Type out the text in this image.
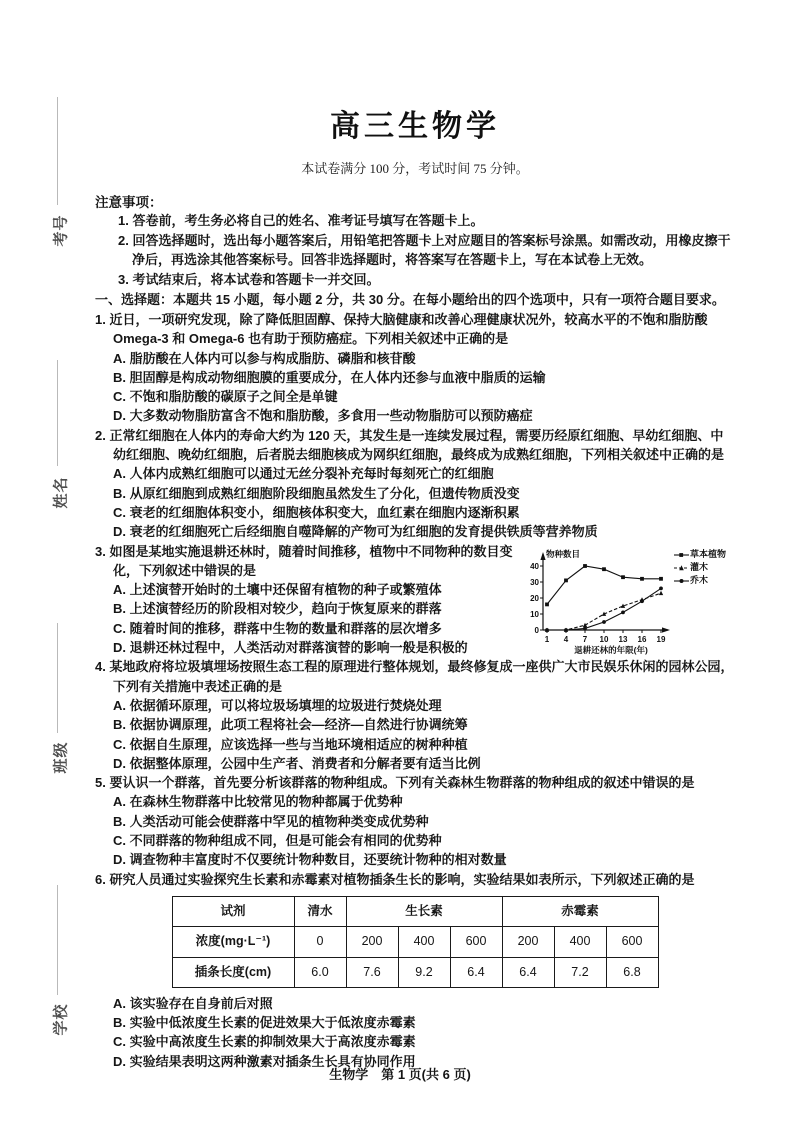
考号
姓名
班级
学校
高三生物学
本试卷满分 100 分，考试时间 75 分钟。
注意事项：
1. 答卷前，考生务必将自己的姓名、准考证号填写在答题卡上。
2. 回答选择题时，选出每小题答案后，用铅笔把答题卡上对应题目的答案标号涂黑。如需改动，用橡皮擦干净后，再选涂其他答案标号。回答非选择题时，将答案写在答题卡上，写在本试卷上无效。
3. 考试结束后，将本试卷和答题卡一并交回。
一、选择题：本题共 15 小题，每小题 2 分，共 30 分。在每小题给出的四个选项中，只有一项符合题目要求。
1. 近日，一项研究发现，除了降低胆固醇、保持大脑健康和改善心理健康状况外，较高水平的不饱和脂肪酸 Omega-3 和 Omega-6 也有助于预防癌症。下列相关叙述中正确的是
A. 脂肪酸在人体内可以参与构成脂肪、磷脂和核苷酸
B. 胆固醇是构成动物细胞膜的重要成分，在人体内还参与血液中脂质的运输
C. 不饱和脂肪酸的碳原子之间全是单键
D. 大多数动物脂肪富含不饱和脂肪酸，多食用一些动物脂肪可以预防癌症
2. 正常红细胞在人体内的寿命大约为 120 天，其发生是一连续发展过程，需要历经原红细胞、早幼红细胞、中幼红细胞、晚幼红细胞，后者脱去细胞核成为网织红细胞，最终成为成熟红细胞，下列相关叙述中正确的是
A. 人体内成熟红细胞可以通过无丝分裂补充每时每刻死亡的红细胞
B. 从原红细胞到成熟红细胞阶段细胞虽然发生了分化，但遗传物质没变
C. 衰老的红细胞体积变小，细胞核体积变大，血红素在细胞内逐渐积累
D. 衰老的红细胞死亡后经细胞自噬降解的产物可为红细胞的发育提供铁质等营养物质
0
10
20
30
40
1 4 7 10 13 16 19
物种数目
退耕还林的年限(年)
草本植物
灌木
乔木
3. 如图是某地实施退耕还林时，随着时间推移，植物中不同物种的数目变化，下列叙述中错误的是
A. 上述演替开始时的土壤中还保留有植物的种子或繁殖体
B. 上述演替经历的阶段相对较少，趋向于恢复原来的群落
C. 随着时间的推移，群落中生物的数量和群落的层次增多
D. 退耕还林过程中，人类活动对群落演替的影响一般是积极的
4. 某地政府将垃圾填埋场按照生态工程的原理进行整体规划，最终修复成一座供广大市民娱乐休闲的园林公园，下列有关措施中表述正确的是
A. 依据循环原理，可以将垃圾场填埋的垃圾进行焚烧处理
B. 依据协调原理，此项工程将社会—经济—自然进行协调统筹
C. 依据自生原理，应该选择一些与当地环境相适应的树种种植
D. 依据整体原理，公园中生产者、消费者和分解者要有适当比例
5. 要认识一个群落，首先要分析该群落的物种组成。下列有关森林生物群落的物种组成的叙述中错误的是
A. 在森林生物群落中比较常见的物种都属于优势种
B. 人类活动可能会使群落中罕见的植物种类变成优势种
C. 不同群落的物种组成不同，但是可能会有相同的优势种
D. 调查物种丰富度时不仅要统计物种数目，还要统计物种的相对数量
6. 研究人员通过实验探究生长素和赤霉素对植物插条生长的影响，实验结果如表所示，下列叙述正确的是
试剂	清水	生长素			赤霉素		
浓度(mg·L⁻¹)	0	200	400	600	200	400	600
插条长度(cm)	6.0	7.6	9.2	6.4	6.4	7.2	6.8
A. 该实验存在自身前后对照
B. 实验中低浓度生长素的促进效果大于低浓度赤霉素
C. 实验中高浓度生长素的抑制效果大于高浓度赤霉素
D. 实验结果表明这两种激素对插条生长具有协同作用
生物学　第 1 页(共 6 页)
